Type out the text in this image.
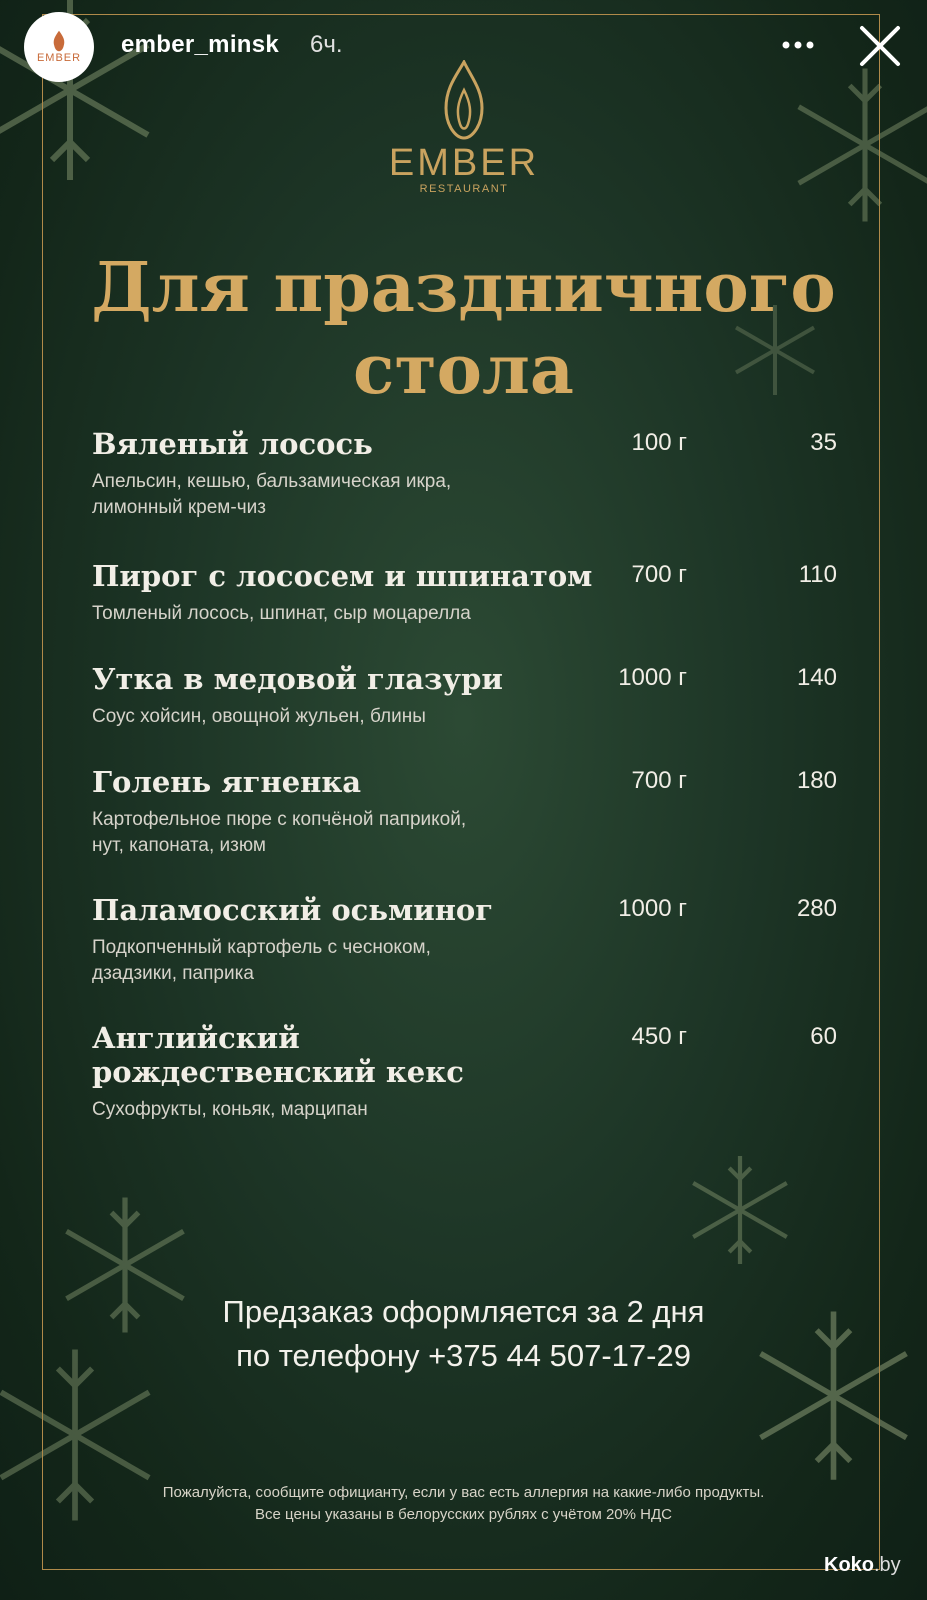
EMBER ember_minsk 6ч.
EMBER
RESTAURANT
Для праздничного
стола
Вяленый лосось
Апельсин, кешью, бальзамическая икра,
лимонный крем-чиз
100 г	35
Пирог с лососем и шпинатом
Томленый лосось, шпинат, сыр моцарелла
700 г	110
Утка в медовой глазури
Соус хойсин, овощной жульен, блины
1000 г	140
Голень ягненка
Картофельное пюре с копчёной паприкой,
нут, капоната, изюм
700 г	180
Паламосский осьминог
Подкопченный картофель с чесноком,
дзадзики, паприка
1000 г	280
Английский
рождественский кекс
Сухофрукты, коньяк, марципан
450 г	60
Предзаказ оформляется за 2 дня
по телефону +375 44 507-17-29
Пожалуйста, сообщите официанту, если у вас есть аллергия на какие-либо продукты.
Все цены указаны в белорусских рублях с учётом 20% НДС
Koko.by
